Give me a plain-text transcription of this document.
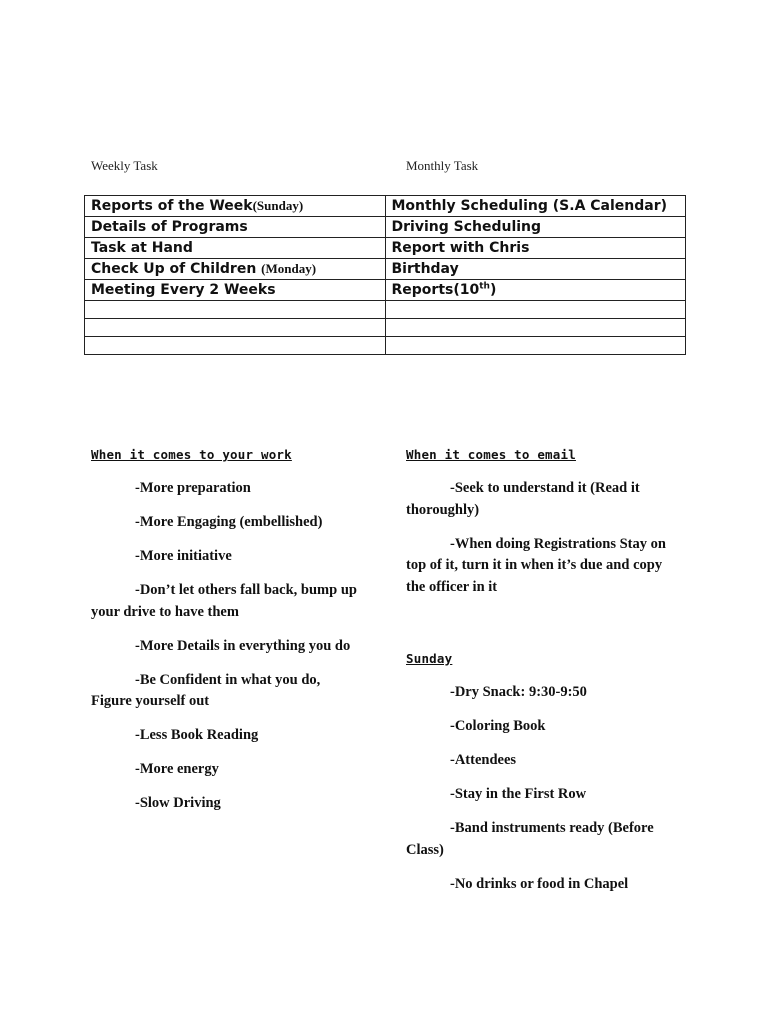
Weekly Task	Monthly Task
Reports of the Week(Sunday)	Monthly Scheduling (S.A Calendar)
Details of Programs	Driving Scheduling
Task at Hand	Report with Chris
Check Up of Children (Monday)	Birthday
Meeting Every 2 Weeks	Reports(10th)

When it comes to your work
-More preparation
-More Engaging (embellished)
-More initiative
-Don’t let others fall back, bump up your drive to have them
-More Details in everything you do
-Be Confident in what you do, Figure yourself out
-Less Book Reading
-More energy
-Slow Driving
When it comes to email
-Seek to understand it (Read it thoroughly)
-When doing Registrations Stay on top of it, turn it in when it’s due and copy the officer in it
Sunday
-Dry Snack: 9:30-9:50
-Coloring Book
-Attendees
-Stay in the First Row
-Band instruments ready (Before Class)
-No drinks or food in Chapel
